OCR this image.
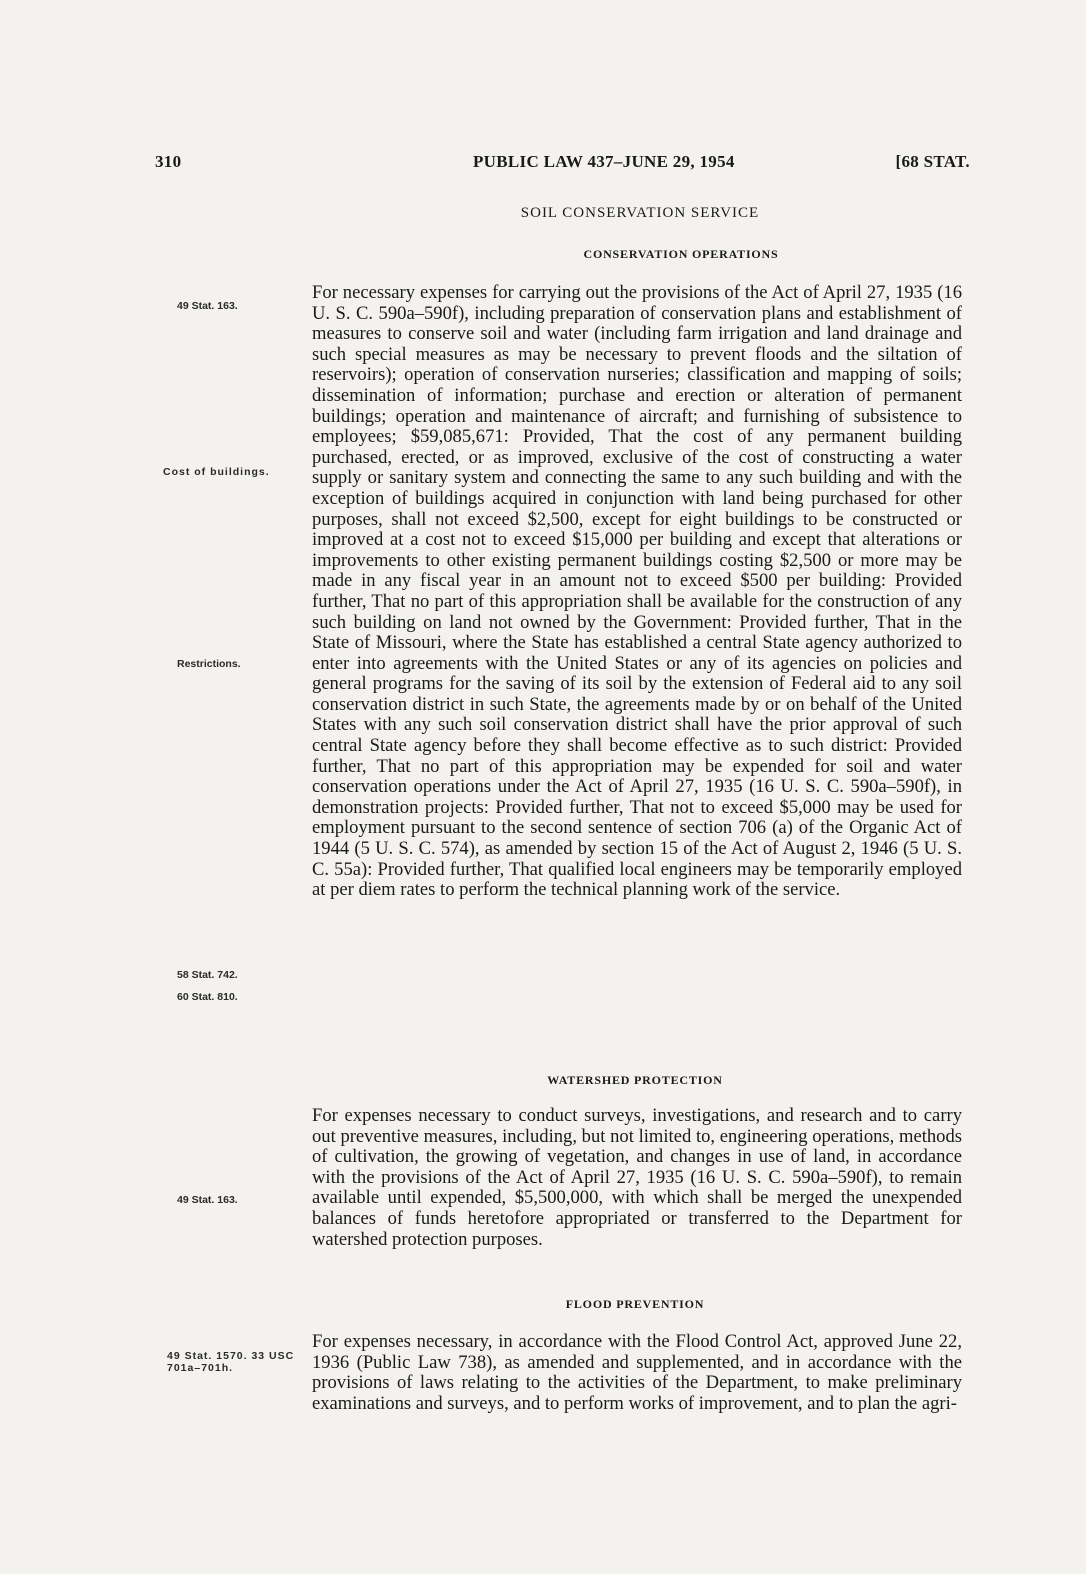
310	PUBLIC LAW 437–JUNE 29, 1954	[68 STAT.
SOIL CONSERVATION SERVICE
CONSERVATION OPERATIONS
49 Stat. 163.
Cost of buildings.
Restrictions.
58 Stat. 742.
60 Stat. 810.
For necessary expenses for carrying out the provisions of the Act of April 27, 1935 (16 U. S. C. 590a–590f), including preparation of conservation plans and establishment of measures to conserve soil and water (including farm irrigation and land drainage and such special measures as may be necessary to prevent floods and the siltation of reservoirs); operation of conservation nurseries; classification and mapping of soils; dissemination of information; purchase and erection or alteration of permanent buildings; operation and maintenance of aircraft; and furnishing of subsistence to employees; $59,085,671: Provided, That the cost of any permanent building purchased, erected, or as improved, exclusive of the cost of constructing a water supply or sanitary system and connecting the same to any such building and with the exception of buildings acquired in conjunction with land being purchased for other purposes, shall not exceed $2,500, except for eight buildings to be constructed or improved at a cost not to exceed $15,000 per building and except that alterations or improvements to other existing permanent buildings costing $2,500 or more may be made in any fiscal year in an amount not to exceed $500 per building: Provided further, That no part of this appropriation shall be available for the construction of any such building on land not owned by the Government: Provided further, That in the State of Missouri, where the State has established a central State agency authorized to enter into agreements with the United States or any of its agencies on policies and general programs for the saving of its soil by the extension of Federal aid to any soil conservation district in such State, the agreements made by or on behalf of the United States with any such soil conservation district shall have the prior approval of such central State agency before they shall become effective as to such district: Provided further, That no part of this appropriation may be expended for soil and water conservation operations under the Act of April 27, 1935 (16 U. S. C. 590a–590f), in demonstration projects: Provided further, That not to exceed $5,000 may be used for employment pursuant to the second sentence of section 706 (a) of the Organic Act of 1944 (5 U. S. C. 574), as amended by section 15 of the Act of August 2, 1946 (5 U. S. C. 55a): Provided further, That qualified local engineers may be temporarily employed at per diem rates to perform the technical planning work of the service.
WATERSHED PROTECTION
49 Stat. 163.
For expenses necessary to conduct surveys, investigations, and research and to carry out preventive measures, including, but not limited to, engineering operations, methods of cultivation, the growing of vegetation, and changes in use of land, in accordance with the provisions of the Act of April 27, 1935 (16 U. S. C. 590a–590f), to remain available until expended, $5,500,000, with which shall be merged the unexpended balances of funds heretofore appropriated or transferred to the Department for watershed protection purposes.
FLOOD PREVENTION
49 Stat. 1570. 33 USC 701a–701h.
For expenses necessary, in accordance with the Flood Control Act, approved June 22, 1936 (Public Law 738), as amended and supplemented, and in accordance with the provisions of laws relating to the activities of the Department, to make preliminary examinations and surveys, and to perform works of improvement, and to plan the agri-
